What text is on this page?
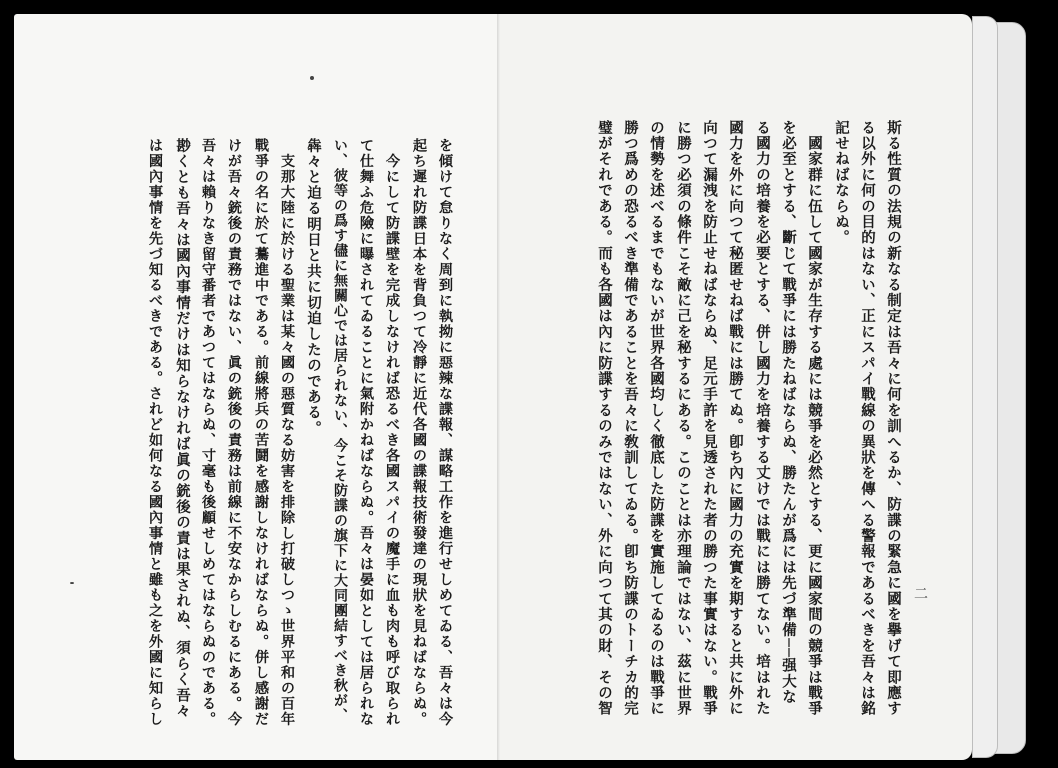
を傾けて怠りなく周到に執拗に惡辣な諜報、謀略工作を進行せしめてゐる、吾々は今
起ち遲れ防諜日本を背負つて冷靜に近代各國の諜報技術發達の現狀を見ねばならぬ。
　今にして防諜壁を完成しなければ恐るべき各國スパイの魔手に血も肉も呼び取られ
て仕舞ふ危險に曝されてゐることに氣附かねばならぬ。吾々は晏如としては居られな
い、彼等の爲す儘に無關心では居られない、今こそ防諜の旗下に大同團結すべき秋が、
犇々と迫る明日と共に切迫したのである。
　支那大陸に於ける聖業は某々國の惡質なる妨害を排除し打破しつゝ世界平和の百年
戰爭の名に於て驀進中である。前線將兵の苦鬪を感謝しなければならぬ。併し感謝だ
けが吾々銃後の責務ではない、眞の銃後の責務は前線に不安なからしむるにある。今
吾々は賴りなき留守番者であつてはならぬ、寸毫も後顧せしめてはならぬのである。
尠くとも吾々は國內事情だけは知らなければ眞の銃後の責は果されぬ、須らく吾々
は國內事情を先づ知るべきである。されど如何なる國內事情と雖も之を外國に知らし	二
斯る性質の法規の新なる制定は吾々に何を訓へるか、防諜の緊急に國を擧げて即應す
る以外に何の目的はない、正にスパイ戰線の異狀を傳へる警報であるべきを吾々は銘
記せねばならぬ。
　國家群に伍して國家が生存する處には競爭を必然とする、更に國家間の競爭は戰爭
を必至とする、斷じて戰爭には勝たねばならぬ、勝たんが爲には先づ準備──强大な
る國力の培養を必要とする、併し國力を培養する丈けでは戰には勝てない。培はれた
國力を外に向つて秘匿せねば戰には勝てぬ。卽ち內に國力の充實を期すると共に外に
向つて漏洩を防止せねばならぬ、足元手許を見透された者の勝つた事實はない。戰爭
に勝つ必須の條件こそ敵に己を秘するにある。このことは亦理論ではない、茲に世界
の情勢を述べるまでもないが世界各國均しく徹底した防諜を實施してゐるのは戰爭に
勝つ爲めの恐るべき準備であることを吾々に敎訓してゐる。卽ち防諜のトーチカ的完
璧がそれである。而も各國は內に防諜するのみではない、外に向つて其の財、その智
